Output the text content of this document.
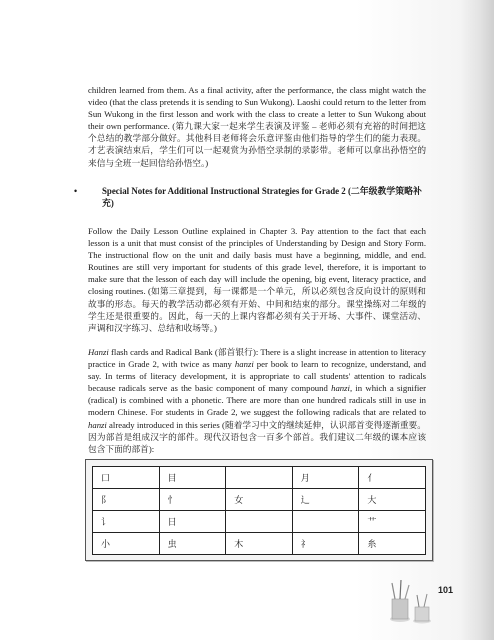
children learned from them. As a final activity, after the performance, the class might watch the video (that the class pretends it is sending to Sun Wukong). Laoshi could return to the letter from Sun Wukong in the first lesson and work with the class to create a letter to Sun Wukong about their own performance. (第九课大家一起来学生表演及评鉴 – 老师必须有充裕的时间把这个总结的教学部分做好。其他科目老师将会乐意评鉴由他们指导的学生们的能力表现。才艺表演结束后，学生们可以一起观赏为孙悟空录制的录影带。老师可以拿出孙悟空的来信与全班一起回信给孙悟空。)

•	Special Notes for Additional Instructional Strategies for Grade 2 (二年级教学策略补充)

Follow the Daily Lesson Outline explained in Chapter 3. Pay attention to the fact that each lesson is a unit that must consist of the principles of Understanding by Design and Story Form. The instructional flow on the unit and daily basis must have a beginning, middle, and end. Routines are still very important for students of this grade level, therefore, it is important to make sure that the lesson of each day will include the opening, big event, literacy practice, and closing routines. (如第三章提到，每一课都是一个单元，所以必须包含反向设计的原则和故事的形态。每天的教学活动都必须有开始、中间和结束的部分。课堂操练对二年级的学生还是很重要的。因此，每一天的上课内容都必须有关于开场、大事件、课堂活动、声调和汉字练习、总结和收场等。)

Hanzi flash cards and Radical Bank (部首银行): There is a slight increase in attention to literacy practice in Grade 2, with twice as many hanzi per book to learn to recognize, understand, and say. In terms of literacy development, it is appropriate to call students' attention to radicals because radicals serve as the basic component of many compound hanzi, in which a signifier (radical) is combined with a phonetic. There are more than one hundred radicals still in use in modern Chinese. For students in Grade 2, we suggest the following radicals that are related to hanzi already introduced in this series (随着学习中文的继续延伸，认识部首变得逐渐重要。因为部首是组成汉字的部件。现代汉语包含一百多个部首。我们建议二年级的课本应该包含下面的部首):

口	目		月	亻
阝	忄	女	辶	大
讠	日			艹
小	虫	木	礻	糸
101
